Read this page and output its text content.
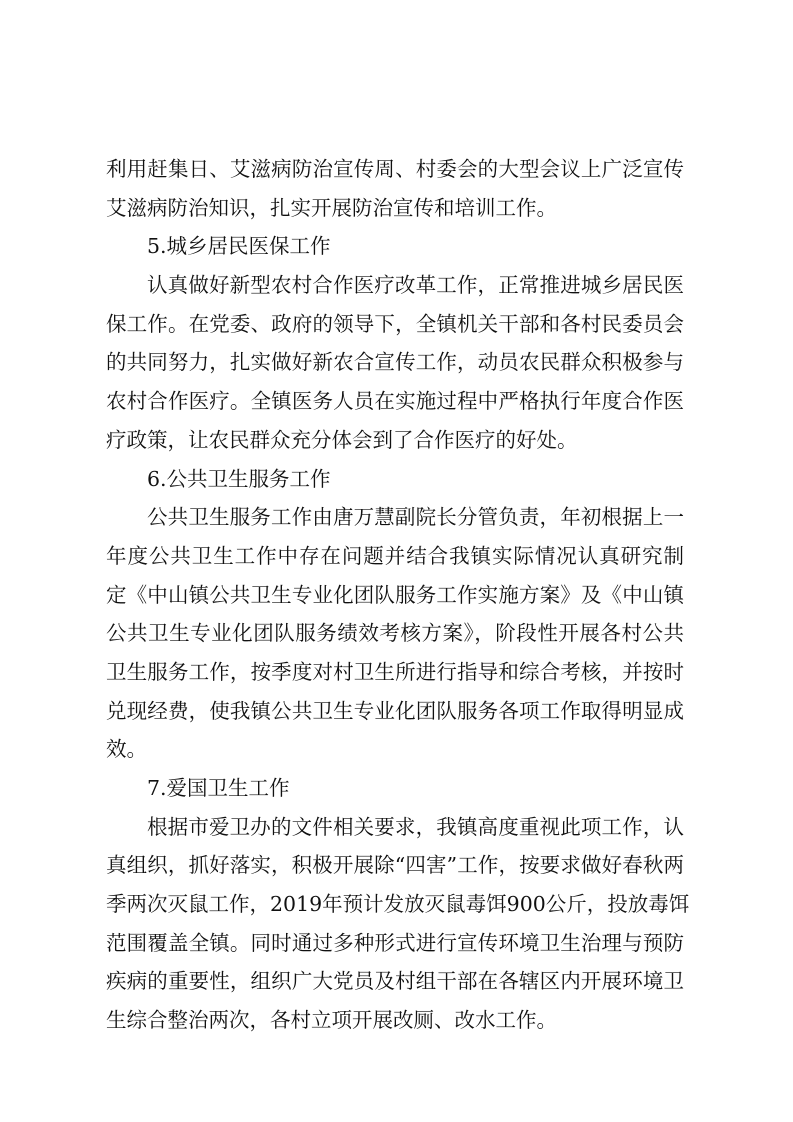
利用赶集日、艾滋病防治宣传周、村委会的大型会议上广泛宣传
艾滋病防治知识，扎实开展防治宣传和培训工作。
5.城乡居民医保工作
认真做好新型农村合作医疗改革工作，正常推进城乡居民医
保工作。在党委、政府的领导下，全镇机关干部和各村民委员会
的共同努力，扎实做好新农合宣传工作，动员农民群众积极参与
农村合作医疗。全镇医务人员在实施过程中严格执行年度合作医
疗政策，让农民群众充分体会到了合作医疗的好处。
6.公共卫生服务工作
公共卫生服务工作由唐万慧副院长分管负责，年初根据上一
年度公共卫生工作中存在问题并结合我镇实际情况认真研究制
定《中山镇公共卫生专业化团队服务工作实施方案》及《中山镇
公共卫生专业化团队服务绩效考核方案》，阶段性开展各村公共
卫生服务工作，按季度对村卫生所进行指导和综合考核，并按时
兑现经费，使我镇公共卫生专业化团队服务各项工作取得明显成
效。
7.爱国卫生工作
根据市爱卫办的文件相关要求，我镇高度重视此项工作，认
真组织，抓好落实，积极开展除“四害”工作，按要求做好春秋两
季两次灭鼠工作，2019年预计发放灭鼠毒饵900公斤，投放毒饵
范围覆盖全镇。同时通过多种形式进行宣传环境卫生治理与预防
疾病的重要性，组织广大党员及村组干部在各辖区内开展环境卫
生综合整治两次，各村立项开展改厕、改水工作。
